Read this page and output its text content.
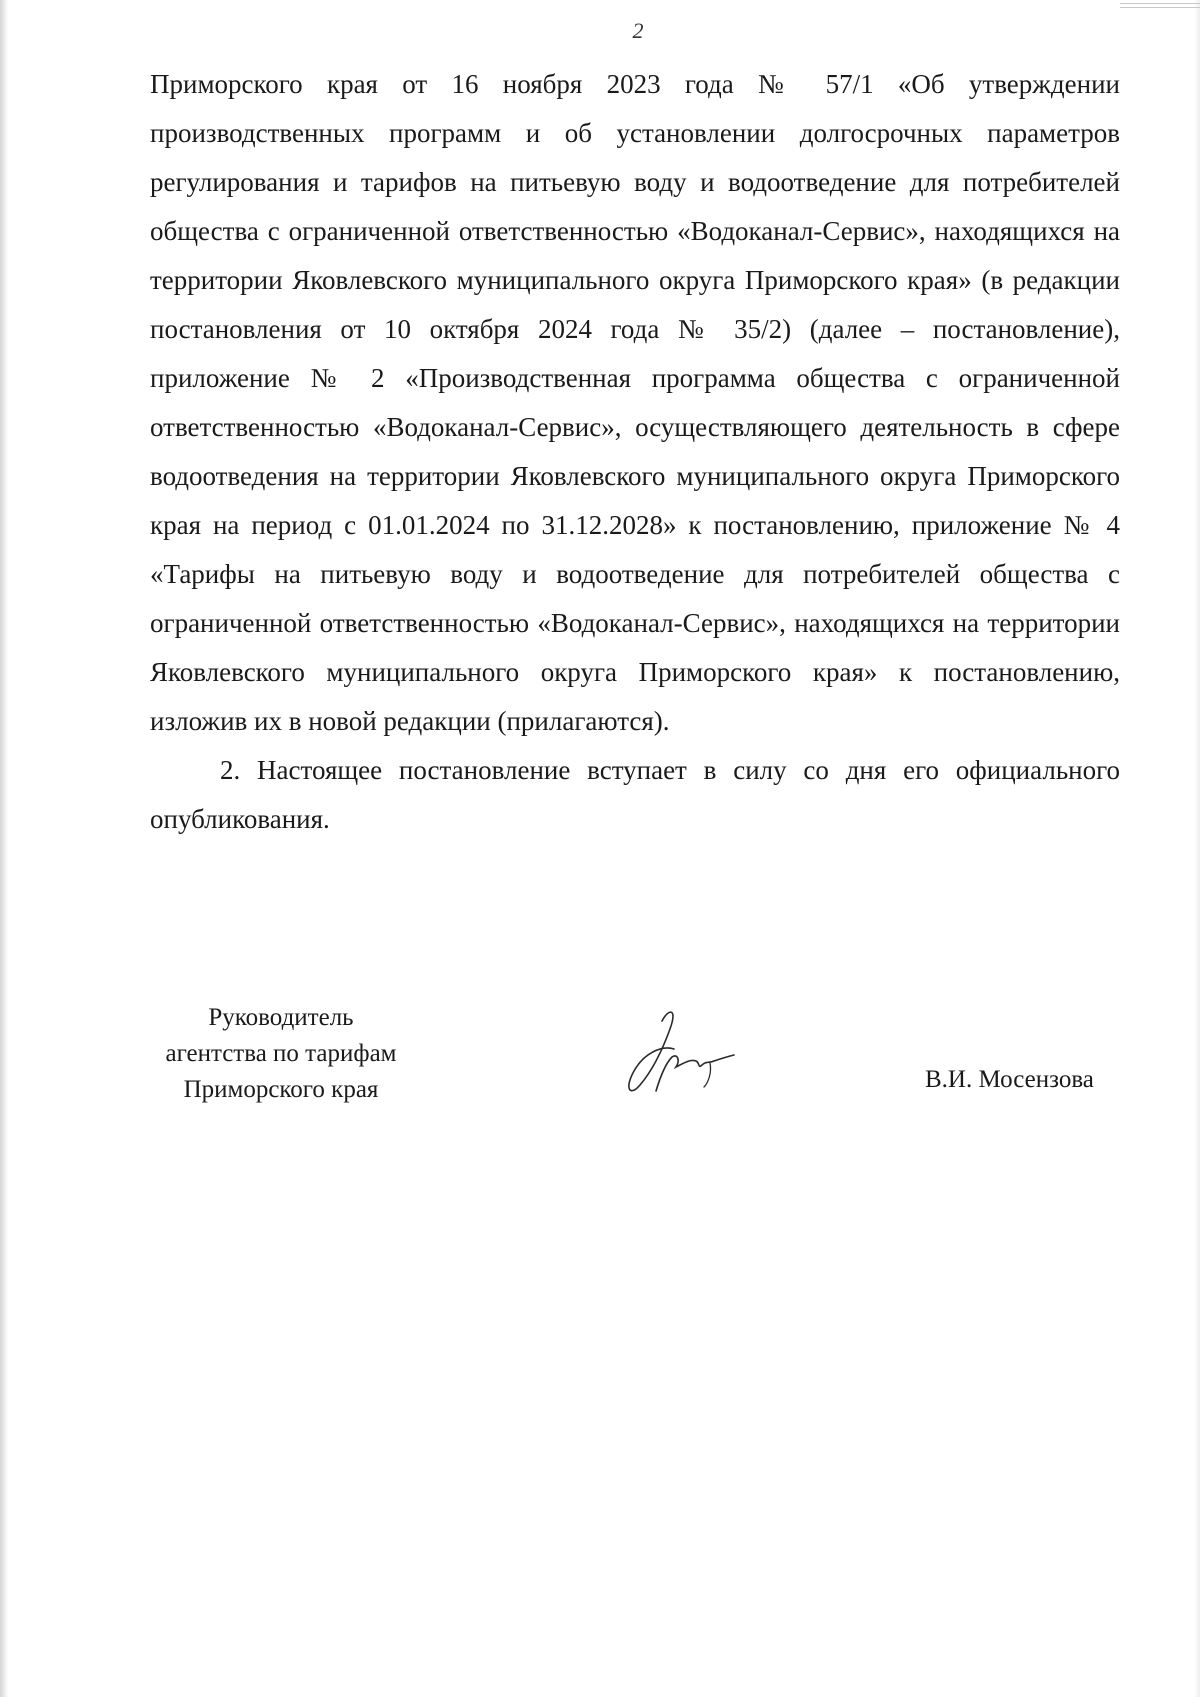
2

Приморского края от 16 ноября 2023 года № 57/1 «Об утверждении производственных программ и об установлении долгосрочных параметров регулирования и тарифов на питьевую воду и водоотведение для потребителей общества с ограниченной ответственностью «Водоканал-Сервис», находящихся на территории Яковлевского муниципального округа Приморского края» (в редакции постановления от 10 октября 2024 года № 35/2) (далее – постановление), приложение № 2 «Производственная программа общества с ограниченной ответственностью «Водоканал-Сервис», осуществляющего деятельность в сфере водоотведения на территории Яковлевского муниципального округа Приморского края на период с 01.01.2024 по 31.12.2028» к постановлению, приложение № 4 «Тарифы на питьевую воду и водоотведение для потребителей общества с ограниченной ответственностью «Водоканал-Сервис», находящихся на территории Яковлевского муниципального округа Приморского края» к постановлению, изложив их в новой редакции (прилагаются).

2. Настоящее постановление вступает в силу со дня его официального опубликования.

Руководитель
агентства по тарифам
Приморского края	В.И. Мосензова
